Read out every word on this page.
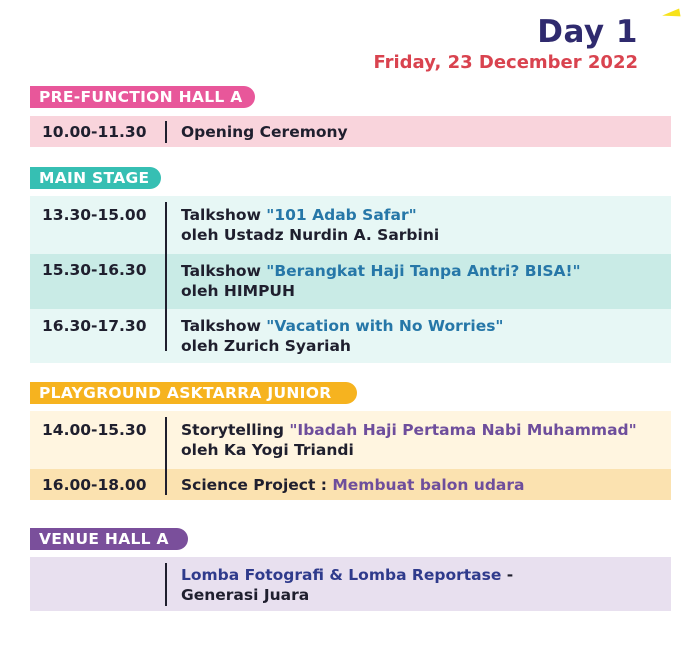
Day 1
Friday, 23 December 2022
PRE-FUNCTION HALL A
10.00-11.30 Opening Ceremony
MAIN STAGE
13.30-15.00 Talkshow "101 Adab Safar"
oleh Ustadz Nurdin A. Sarbini
15.30-16.30 Talkshow "Berangkat Haji Tanpa Antri? BISA!"
oleh HIMPUH
16.30-17.30 Talkshow "Vacation with No Worries"
oleh Zurich Syariah
PLAYGROUND ASKTARRA JUNIOR
14.00-15.30 Storytelling "Ibadah Haji Pertama Nabi Muhammad"
oleh Ka Yogi Triandi
16.00-18.00 Science Project : Membuat balon udara
VENUE HALL A
Lomba Fotografi & Lomba Reportase -
Generasi Juara
